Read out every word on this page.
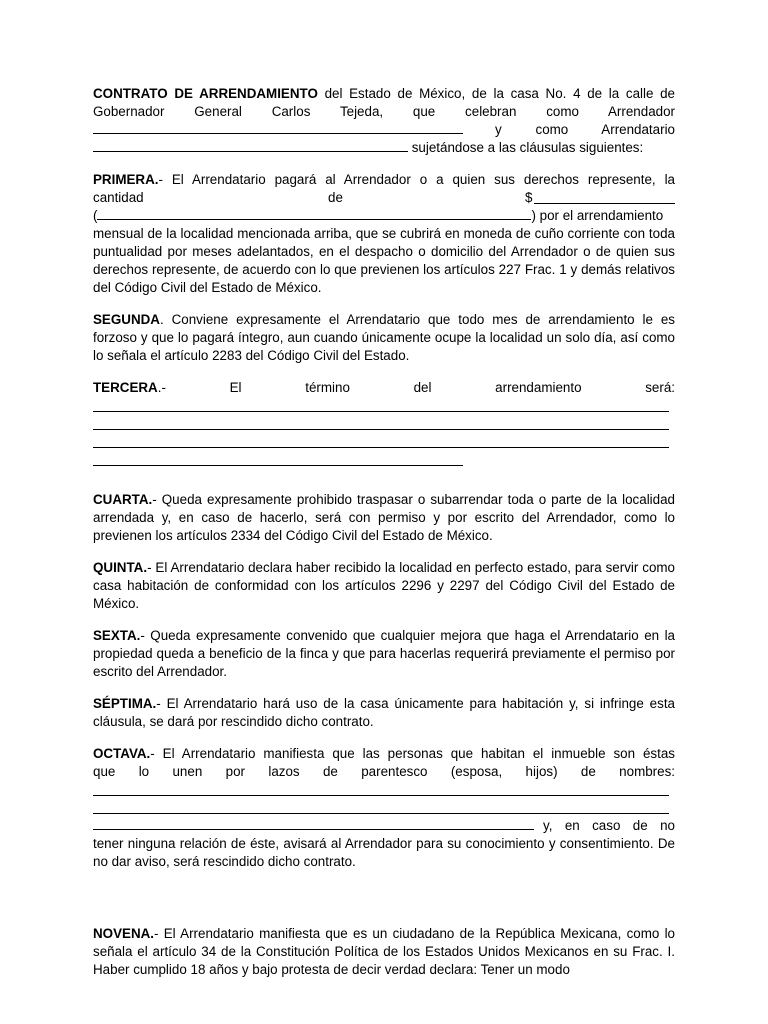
CONTRATO DE ARRENDAMIENTO del Estado de México, de la casa No. 4 de la calle de
Gobernador General Carlos Tejeda, que celebran como Arrendador
y como Arrendatario
sujetándose a las cláusulas siguientes:
PRIMERA.- El Arrendatario pagará al Arrendador o a quien sus derechos represente, la
cantidad	de	$
(	) por el arrendamiento
mensual de la localidad mencionada arriba, que se cubrirá en moneda de cuño corriente con toda puntualidad por meses adelantados, en el despacho o domicilio del Arrendador o de quien sus derechos represente, de acuerdo con lo que previenen los artículos 227 Frac. 1 y demás relativos del Código Civil del Estado de México.
SEGUNDA. Conviene expresamente el Arrendatario que todo mes de arrendamiento le es forzoso y que lo pagará íntegro, aun cuando únicamente ocupe la localidad un solo día, así como lo señala el artículo 2283 del Código Civil del Estado.
TERCERA.- El término del arrendamiento será:
CUARTA.- Queda expresamente prohibido traspasar o subarrendar toda o parte de la localidad arrendada y, en caso de hacerlo, será con permiso y por escrito del Arrendador, como lo previenen los artículos 2334 del Código Civil del Estado de México.
QUINTA.- El Arrendatario declara haber recibido la localidad en perfecto estado, para servir como casa habitación de conformidad con los artículos 2296 y 2297 del Código Civil del Estado de México.
SEXTA.- Queda expresamente convenido que cualquier mejora que haga el Arrendatario en la propiedad queda a beneficio de la finca y que para hacerlas requerirá previamente el permiso por escrito del Arrendador.
SÉPTIMA.- El Arrendatario hará uso de la casa únicamente para habitación y, si infringe esta cláusula, se dará por rescindido dicho contrato.
OCTAVA.- El Arrendatario manifiesta que las personas que habitan el inmueble son éstas
que lo unen por lazos de parentesco (esposa, hijos) de nombres:
y, en caso de no
tener ninguna relación de éste, avisará al Arrendador para su conocimiento y consentimiento. De no dar aviso, será rescindido dicho contrato.
NOVENA.- El Arrendatario manifiesta que es un ciudadano de la República Mexicana, como lo señala el artículo 34 de la Constitución Política de los Estados Unidos Mexicanos en su Frac. I. Haber cumplido 18 años y bajo protesta de decir verdad declara: Tener un modo
